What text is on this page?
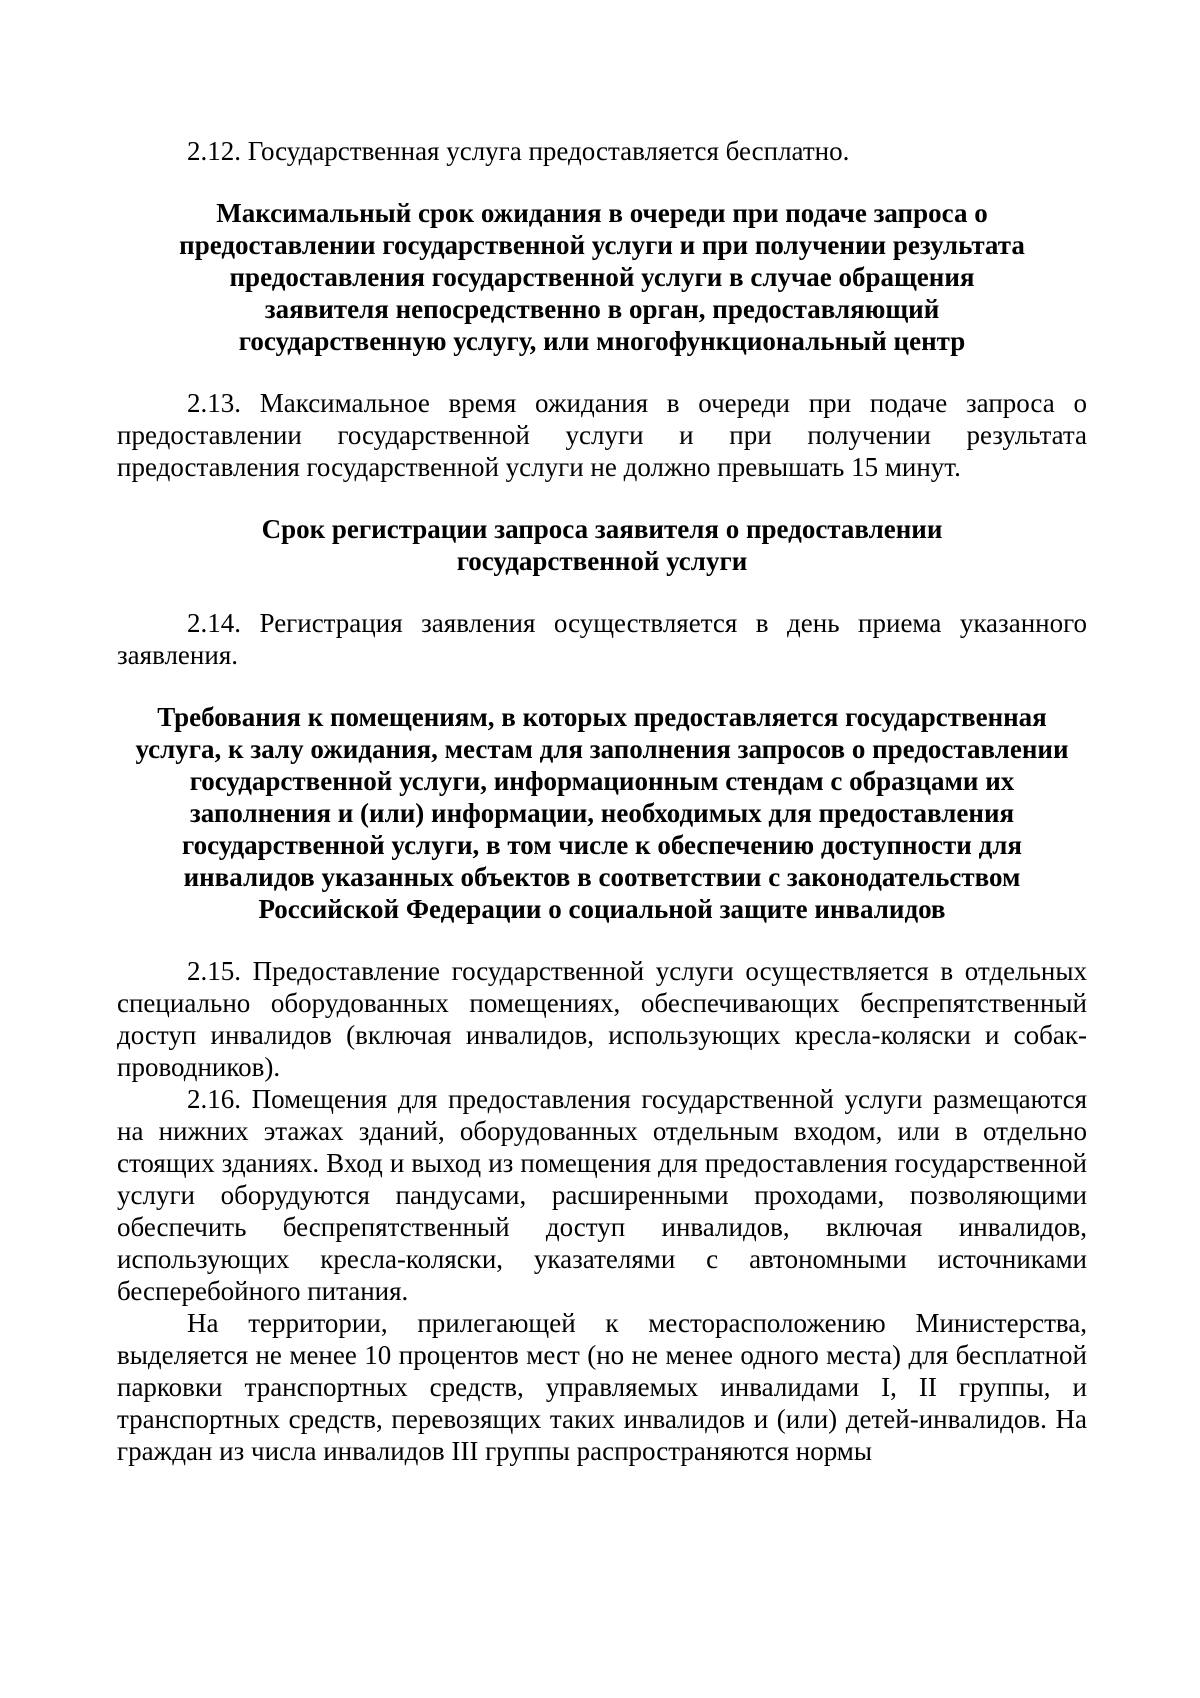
2.12. Государственная услуга предоставляется бесплатно.

Максимальный срок ожидания в очереди при подаче запроса о предоставлении государственной услуги и при получении результата предоставления государственной услуги в случае обращения заявителя непосредственно в орган, предоставляющий государственную услугу, или многофункциональный центр

2.13. Максимальное время ожидания в очереди при подаче запроса о предоставлении государственной услуги и при получении результата предоставления государственной услуги не должно превышать 15 минут.

Срок регистрации запроса заявителя о предоставлении государственной услуги

2.14. Регистрация заявления осуществляется в день приема указанного заявления.

Требования к помещениям, в которых предоставляется государственная услуга, к залу ожидания, местам для заполнения запросов о предоставлении государственной услуги, информационным стендам с образцами их заполнения и (или) информации, необходимых для предоставления государственной услуги, в том числе к обеспечению доступности для инвалидов указанных объектов в соответствии с законодательством Российской Федерации о социальной защите инвалидов

2.15. Предоставление государственной услуги осуществляется в отдельных специально оборудованных помещениях, обеспечивающих беспрепятственный доступ инвалидов (включая инвалидов, использующих кресла-коляски и собак-проводников).

2.16. Помещения для предоставления государственной услуги размещаются на нижних этажах зданий, оборудованных отдельным входом, или в отдельно стоящих зданиях. Вход и выход из помещения для предоставления государственной услуги оборудуются пандусами, расширенными проходами, позволяющими обеспечить беспрепятственный доступ инвалидов, включая инвалидов, использующих кресла-коляски, указателями с автономными источниками бесперебойного питания.

На территории, прилегающей к месторасположению Министерства, выделяется не менее 10 процентов мест (но не менее одного места) для бесплатной парковки транспортных средств, управляемых инвалидами I, II группы, и транспортных средств, перевозящих таких инвалидов и (или) детей-инвалидов. На граждан из числа инвалидов III группы распространяются нормы
